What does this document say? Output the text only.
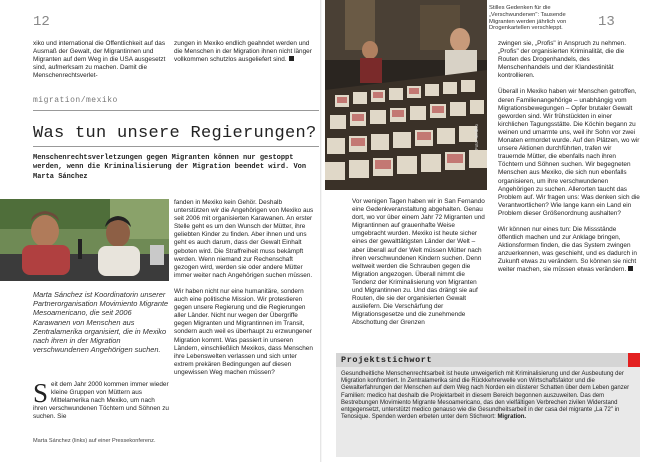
12

xiko und international die Öffentlichkeit auf das Ausmaß der Gewalt, der Migrantinnen und Migranten auf dem Weg in die USA ausgesetzt sind, aufmerksam zu machen. Damit die Menschenrechtsverlet-

zungen in Mexiko endlich geahndet werden und die Menschen in der Migration ihnen nicht länger vollkommen schutzlos ausgeliefert sind.

migration/mexiko
Was tun unsere Regierungen?
Menschenrechtsverletzungen gegen Migranten können nur gestoppt werden, wenn die Kriminalisierung der Migration beendet wird. Von Marta Sánchez
Marta Sánchez ist Koordinatorin unserer Partnerorganisation Movimiento Migrante Mesoamericano, die seit 2006 Karawanen von Menschen aus Zentralamerika organisiert, die in Mexiko nach ihren in der Migration verschwundenen Angehörigen suchen.
S eit dem Jahr 2000 kommen immer wieder kleine Gruppen von Müttern aus Mittelamerika nach Mexiko, um nach ihren verschwundenen Töchtern und Söhnen zu suchen. Sie
Marta Sánchez (links) auf einer Pressekonferenz.

fanden in Mexiko kein Gehör. Deshalb unterstützen wir die Angehörigen von Mexiko aus seit 2006 mit organisierten Karawanen. An erster Stelle geht es um den Wunsch der Mütter, ihre geliebten Kinder zu finden. Aber ihnen und uns geht es auch darum, dass der Gewalt Einhalt geboten wird. Die Straffreiheit muss bekämpft werden. Wenn niemand zur Rechenschaft gezogen wird, werden sie oder andere Mütter immer weiter nach Angehörigen suchen müssen.

Wir haben nicht nur eine humanitäre, sondern auch eine politische Mission. Wir protestieren gegen unsere Regierung und die Regierungen aller Länder. Nicht nur wegen der Übergriffe gegen Migranten und Migrantinnen im Transit, sondern auch weil es überhaupt zu erzwungener Migration kommt. Was passiert in unseren Ländern, einschließlich Mexikos, dass Menschen ihre Lebenswelten verlassen und sich unter extrem prekären Bedingungen auf diesen ungewissen Weg machen müssen?

Foto: Medico
Stilles Gedenken für die „Verschwundenen": Tausende Migranten werden jährlich von Drogenkartellen verschleppt.	13

Vor wenigen Tagen haben wir in San Fernando eine Gedenkveranstaltung abgehalten. Genau dort, wo vor über einem Jahr 72 Migranten und Migrantinnen auf grauenhafte Weise umgebracht wurden. Mexiko ist heute sicher eines der gewalttätigsten Länder der Welt – aber überall auf der Welt müssen Mütter nach ihren verschwundenen Kindern suchen. Denn weltweit werden die Schrauben gegen die Migration angezogen. Überall nimmt die Tendenz der Kriminalisierung von Migranten und Migrantinnen zu. Und das drängt sie auf Routen, die sie der organisierten Gewalt ausliefern. Die Verschärfung der Migrationsgesetze und die zunehmende Abschottung der Grenzen

zwingen sie, „Profis" in Anspruch zu nehmen. „Profis" der organisierten Kriminalität, die die Routen des Drogenhandels, des Menschenhandels und der Klandestinität kontrollieren.

Überall in Mexiko haben wir Menschen getroffen, deren Familienangehörige – unabhängig vom Migrationsbewegungen – Opfer brutaler Gewalt geworden sind. Wir frühstückten in einer kirchlichen Tagungsstätte. Die Köchin begann zu weinen und umarmte uns, weil ihr Sohn vor zwei Monaten ermordet wurde. Auf den Plätzen, wo wir unsere Aktionen durchführten, trafen wir trauernde Mütter, die ebenfalls nach ihren Töchtern und Söhnen suchen. Wir begegneten Menschen aus Mexiko, die sich nun ebenfalls organisieren, um ihre verschwundenen Angehörigen zu suchen. Allerorten taucht das Problem auf. Wir fragen uns: Was denken sich die Verantwortlichen? Wie lange kann ein Land ein Problem dieser Größenordnung aushalten?

Wir können nur eines tun: Die Missstände öffentlich machen und zur Anklage bringen, Aktionsformen finden, die das System zwingen anzuerkennen, was geschieht, und es dadurch in Zukunft etwas zu verändern. So können sie nicht weiter machen, sie müssen etwas verändern.

Projektstichwort
Gesundheitliche Menschenrechtsarbeit ist heute unweigerlich mit Kriminalisierung und der Ausbeutung der Migration konfrontiert. In Zentralamerika sind die Rückkehrerwelle von Wirtschaftsfaktor und die Gewalterfahrungen der Menschen auf dem Weg nach Norden ein düsterer Schatten über dem Leben ganzer Familien: medico hat deshalb die Projektarbeit in diesem Bereich begonnen auszuweiten. Das dem Bestrebungen Movimiento Migrante Mesoamericano, das den vielfältigen Verbrechen zivilen Widerstand entgegensetzt, unterstützt medico genauso wie die Gesundheitsarbeit in der casa del migrante „La 72" in Tenosique. Spenden werden erbeten unter dem Stichwort: Migration.
